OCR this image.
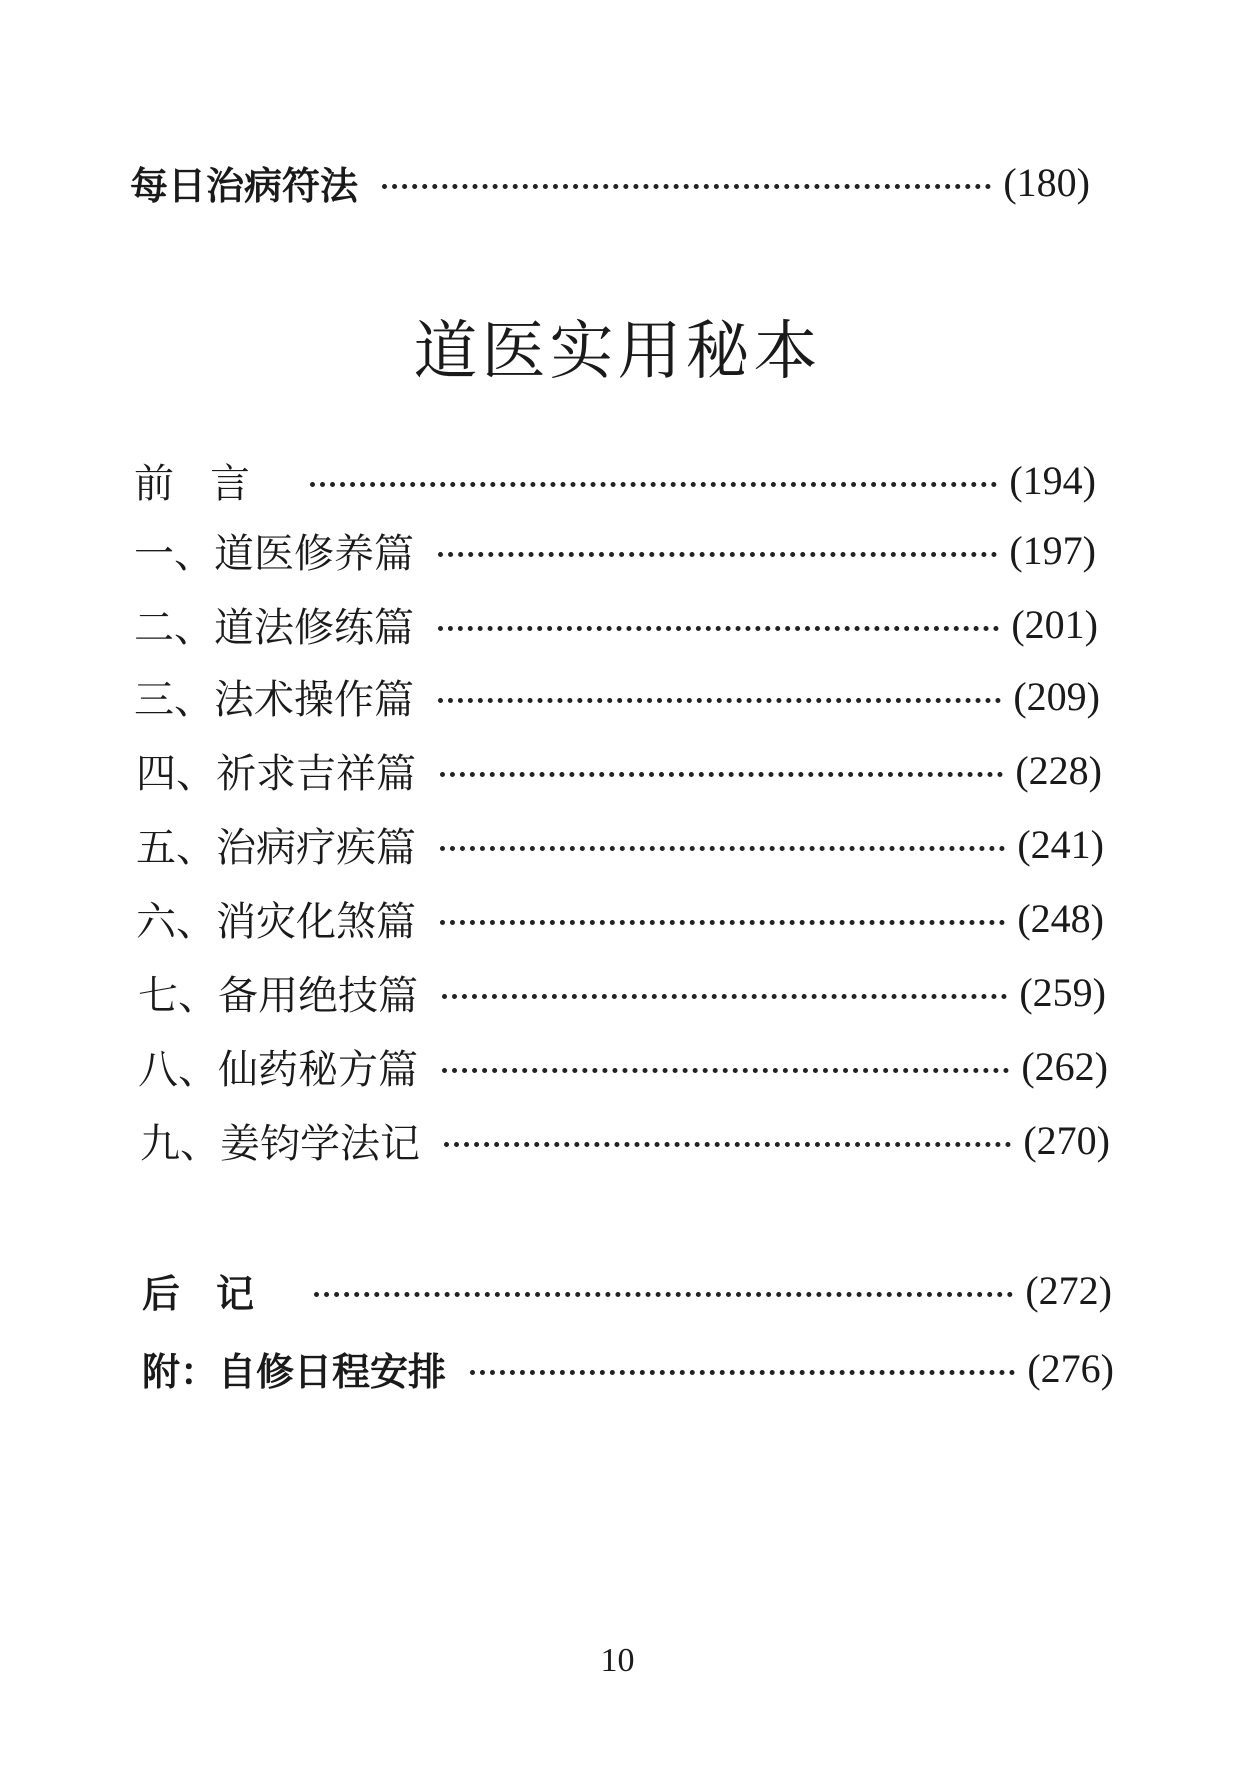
每日治病符法	(180)
道医实用秘本
前言	(194)
一、道医修养篇	(197)
二、道法修练篇	(201)
三、法术操作篇	(209)
四、祈求吉祥篇	(228)
五、治病疗疾篇	(241)
六、消灾化煞篇	(248)
七、备用绝技篇	(259)
八、仙药秘方篇	(262)
九、姜钧学法记	(270)
后记	(272)
附：自修日程安排	(276)
10
